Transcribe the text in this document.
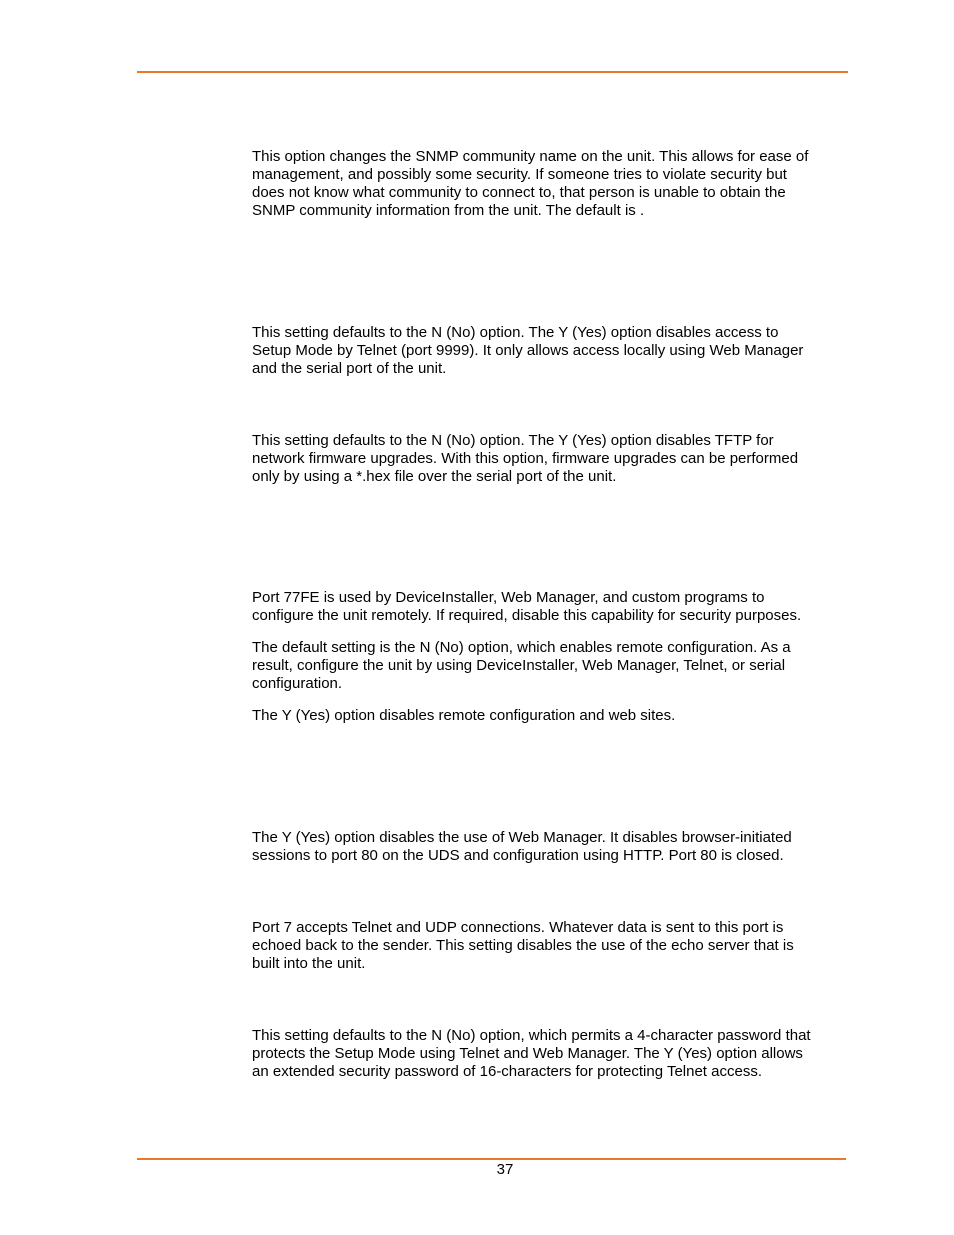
This option changes the SNMP community name on the unit. This allows for ease of
management, and possibly some security. If someone tries to violate security but
does not know what community to connect to, that person is unable to obtain the
SNMP community information from the unit. The default is .

This setting defaults to the N (No) option. The Y (Yes) option disables access to
Setup Mode by Telnet (port 9999). It only allows access locally using Web Manager
and the serial port of the unit.

This setting defaults to the N (No) option. The Y (Yes) option disables TFTP for
network firmware upgrades. With this option, firmware upgrades can be performed
only by using a *.hex file over the serial port of the unit.

Port 77FE is used by DeviceInstaller, Web Manager, and custom programs to
configure the unit remotely. If required, disable this capability for security purposes.

The default setting is the N (No) option, which enables remote configuration. As a
result, configure the unit by using DeviceInstaller, Web Manager, Telnet, or serial
configuration.

The Y (Yes) option disables remote configuration and web sites.

The Y (Yes) option disables the use of Web Manager. It disables browser-initiated
sessions to port 80 on the UDS and configuration using HTTP. Port 80 is closed.

Port 7 accepts Telnet and UDP connections. Whatever data is sent to this port is
echoed back to the sender. This setting disables the use of the echo server that is
built into the unit.

This setting defaults to the N (No) option, which permits a 4-character password that
protects the Setup Mode using Telnet and Web Manager. The Y (Yes) option allows
an extended security password of 16-characters for protecting Telnet access.

37
